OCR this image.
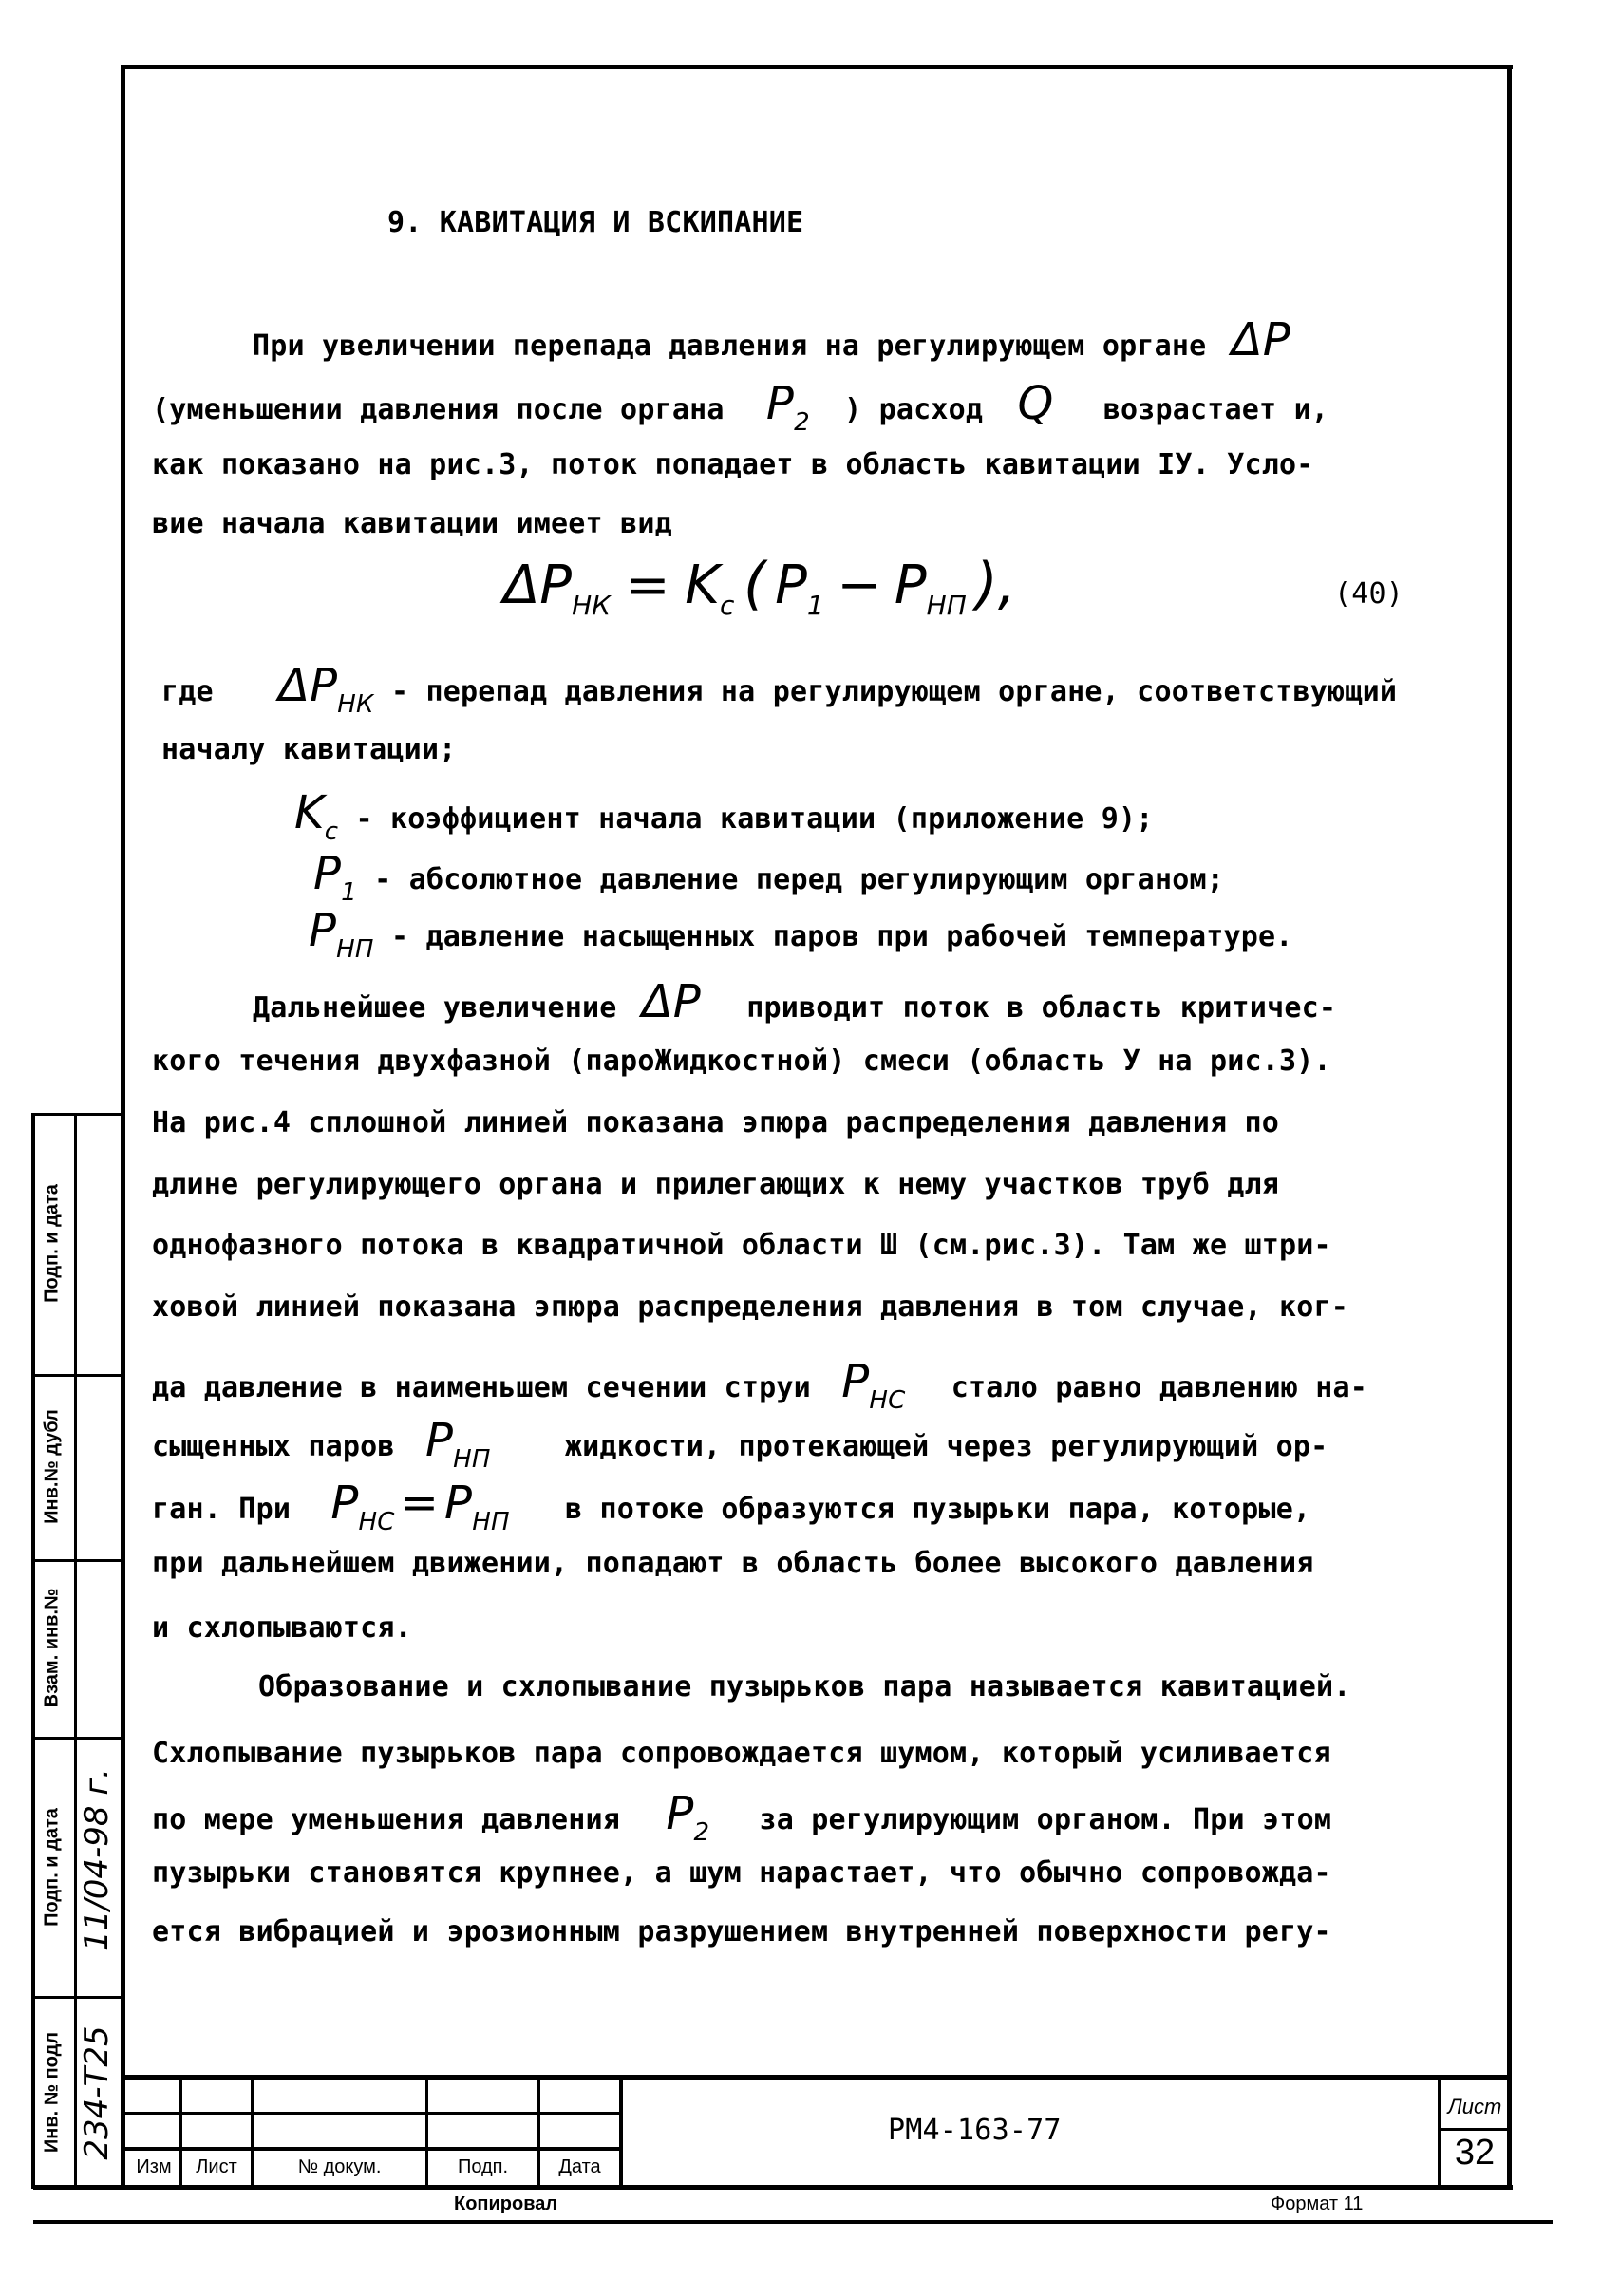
9. КАВИТАЦИЯ И ВСКИПАНИЕ
При увеличении перепада давления на регулирующем органе ΔP
(уменьшении давления после органа $P_2$ ) расход Q возрастает и,
как показано на рис.3, поток попадает в область кавитации IУ. Усло-
вие начала кавитации имеет вид
$\Delta P_{НК} = K_c$ ( $P_1 - P_{НП}$ ),	(40)
где $\Delta P_{НК}$ - перепад давления на регулирующем органе, соответствующий
началу кавитации;
$K_c$ - коэффициент начала кавитации (приложение 9);
$P_1$ - абсолютное давление перед регулирующим органом;
$P_{НП}$ - давление насыщенных паров при рабочей температуре.
Дальнейшее увеличение ΔP приводит поток в область критичес-
кого течения двухфазной (пароЖидкостной) смеси (область У на рис.3).
На рис.4 сплошной линией показана эпюра распределения давления по
длине регулирующего органа и прилегающих к нему участков труб для
однофазного потока в квадратичной области Ш (см.рис.3). Там же штри-
ховой линией показана эпюра распределения давления в том случае, ког-
да давление в наименьшем сечении струи $P_{НС}$ стало равно давлению на-
сыщенных паров $P_{НП}$	жидкости, протекающей через регулирующий ор-
ган. При $P_{НС} = P_{НП}$ в потоке образуются пузырьки пара, которые,
при дальнейшем движении, попадают в область более высокого давления
и схлопываются.
Образование и схлопывание пузырьков пара называется кавитацией.
Схлопывание пузырьков пара сопровождается шумом, который усиливается
по мере уменьшения давления $P_2$ за регулирующим органом. При этом
пузырьки становятся крупнее, а шум нарастает, что обычно сопровожда-
ется вибрацией и эрозионным разрушением внутренней поверхности регу-
Подп. и дата
Инв.№ дубл
Взам. инв.№
Подп. и дата
Инв. № подл
11/04-98 г.
234-Т25
Изм	Лист	№ докум.	Подп.	Дата
РМ4-163-77
Лист
32
Копировал	Формат 11
